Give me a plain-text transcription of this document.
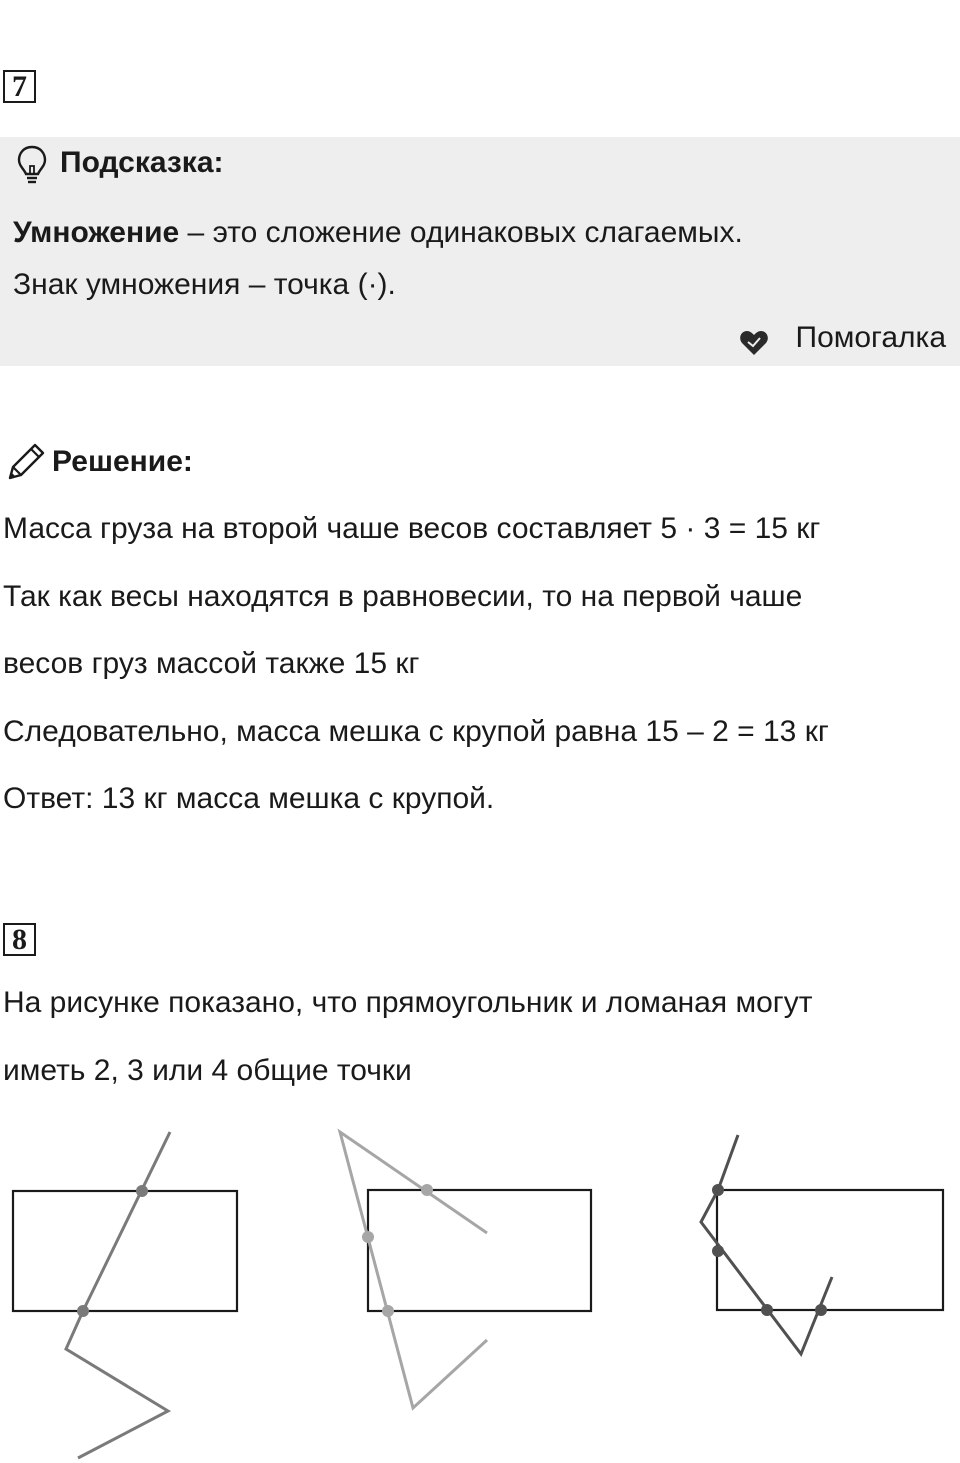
7
Подсказка:
Умножение – это сложение одинаковых слагаемых.
Знак умножения – точка (·).
Помогалка
Решение:
Масса груза на второй чаше весов составляет 5 · 3 = 15 кг
Так как весы находятся в равновесии, то на первой чаше
весов груз массой также 15 кг
Следовательно, масса мешка с крупой равна 15 – 2 = 13 кг
Ответ: 13 кг масса мешка с крупой.
8
На рисунке показано, что прямоугольник и ломаная могут
иметь 2, 3 или 4 общие точки
